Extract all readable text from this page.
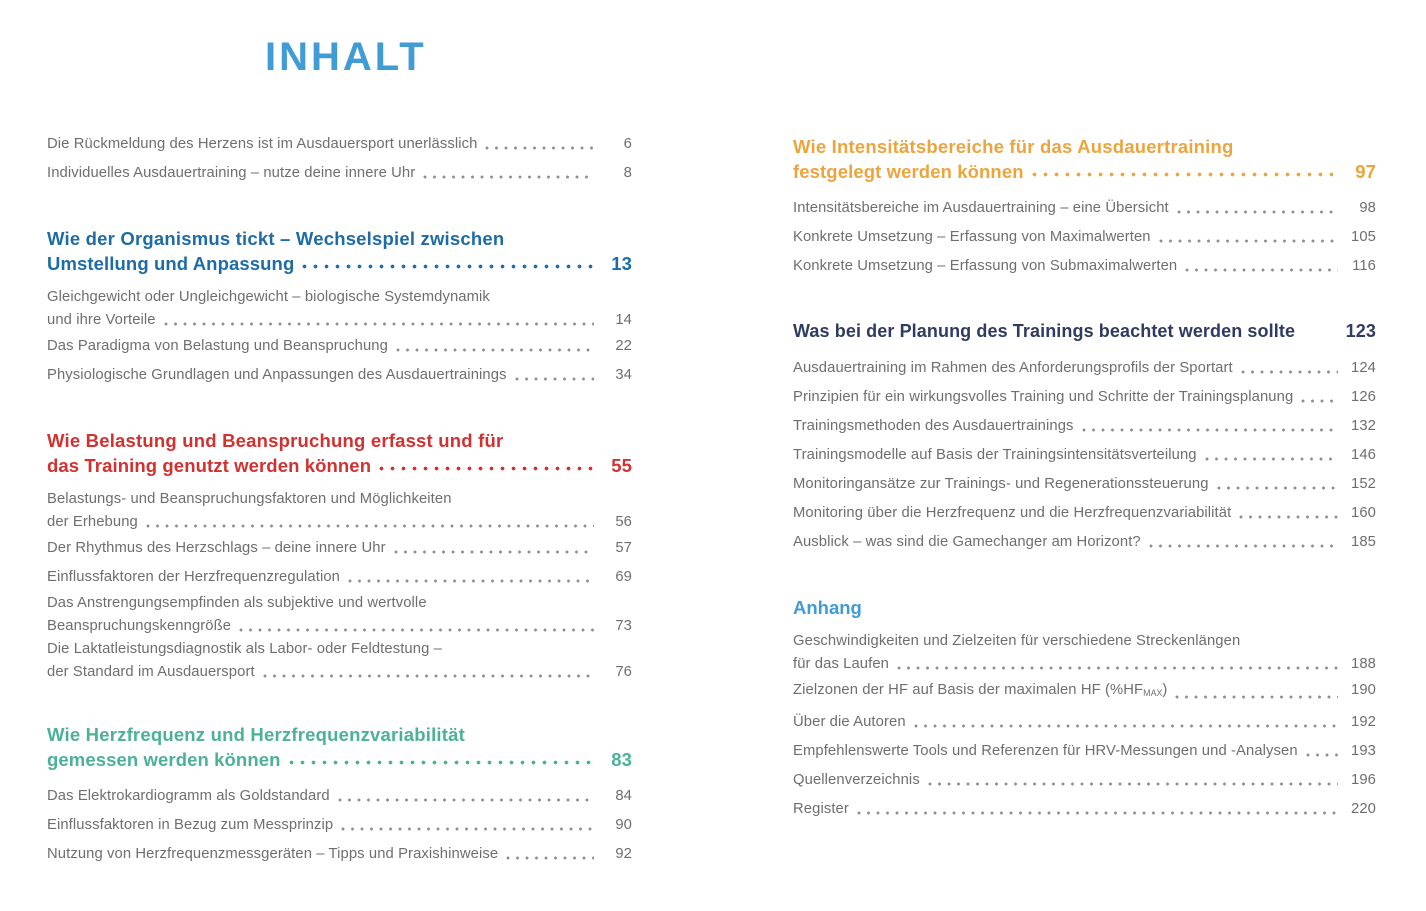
INHALT
Die Rückmeldung des Herzens ist im Ausdauersport unerlässlich	6
Individuelles Ausdauertraining – nutze deine innere Uhr	8
Wie der Organismus tickt – Wechselspiel zwischen
Umstellung und Anpassung	13
Gleichgewicht oder Ungleichgewicht – biologische Systemdynamik
und ihre Vorteile	14
Das Paradigma von Belastung und Beanspruchung	22
Physiologische Grundlagen und Anpassungen des Ausdauertrainings	34
Wie Belastung und Beanspruchung erfasst und für
das Training genutzt werden können	55
Belastungs- und Beanspruchungsfaktoren und Möglichkeiten
der Erhebung	56
Der Rhythmus des Herzschlags – deine innere Uhr	57
Einflussfaktoren der Herzfrequenzregulation	69
Das Anstrengungsempfinden als subjektive und wertvolle
Beanspruchungskenngröße	73
Die Laktatleistungsdiagnostik als Labor- oder Feldtestung –
der Standard im Ausdauersport	76
Wie Herzfrequenz und Herzfrequenzvariabilität
gemessen werden können	83
Das Elektrokardiogramm als Goldstandard	84
Einflussfaktoren in Bezug zum Messprinzip	90
Nutzung von Herzfrequenzmessgeräten – Tipps und Praxishinweise	92
Wie Intensitätsbereiche für das Ausdauertraining
festgelegt werden können	97
Intensitätsbereiche im Ausdauertraining – eine Übersicht	98
Konkrete Umsetzung – Erfassung von Maximalwerten	105
Konkrete Umsetzung – Erfassung von Submaximalwerten	116
Was bei der Planung des Trainings beachtet werden sollte	123
Ausdauertraining im Rahmen des Anforderungsprofils der Sportart	124
Prinzipien für ein wirkungsvolles Training und Schritte der Trainingsplanung	126
Trainingsmethoden des Ausdauertrainings	132
Trainingsmodelle auf Basis der Trainingsintensitätsverteilung	146
Monitoringansätze zur Trainings- und Regenerationssteuerung	152
Monitoring über die Herzfrequenz und die Herzfrequenzvariabilität	160
Ausblick – was sind die Gamechanger am Horizont?	185
Anhang
Geschwindigkeiten und Zielzeiten für verschiedene Streckenlängen
für das Laufen	188
Zielzonen der HF auf Basis der maximalen HF $(\%HF_{MAX})$	190
Über die Autoren	192
Empfehlenswerte Tools und Referenzen für HRV-Messungen und -Analysen	193
Quellenverzeichnis	196
Register	220
